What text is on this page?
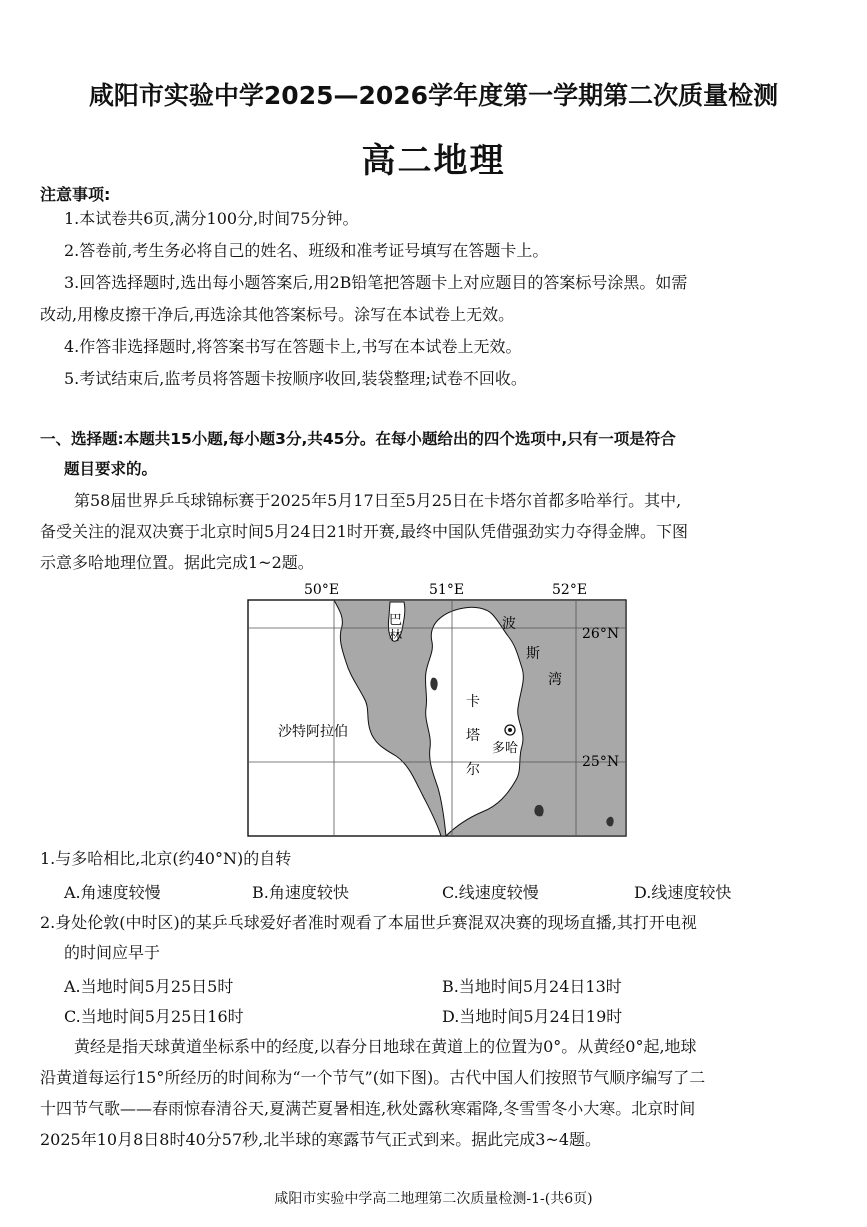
咸阳市实验中学2025—2026学年度第一学期第二次质量检测
高二地理
注意事项:
1.本试卷共6页,满分100分,时间75分钟。
2.答卷前,考生务必将自己的姓名、班级和准考证号填写在答题卡上。
3.回答选择题时,选出每小题答案后,用2B铅笔把答题卡上对应题目的答案标号涂黑。如需
改动,用橡皮擦干净后,再选涂其他答案标号。涂写在本试卷上无效。
4.作答非选择题时,将答案书写在答题卡上,书写在本试卷上无效。
5.考试结束后,监考员将答题卡按顺序收回,装袋整理;试卷不回收。
一、选择题:本题共15小题,每小题3分,共45分。在每小题给出的四个选项中,只有一项是符合
题目要求的。
第58届世界乒乓球锦标赛于2025年5月17日至5月25日在卡塔尔首都多哈举行。其中,
备受关注的混双决赛于北京时间5月24日21时开赛,最终中国队凭借强劲实力夺得金牌。下图
示意多哈地理位置。据此完成1~2题。
50°E	51°E	52°E
26°N
25°N
巴
林
波
斯
湾
卡
塔
尔
沙特阿拉伯
多哈
1.与多哈相比,北京(约40°N)的自转
A.角速度较慢	B.角速度较快	C.线速度较慢	D.线速度较快
2.身处伦敦(中时区)的某乒乓球爱好者准时观看了本届世乒赛混双决赛的现场直播,其打开电视
的时间应早于
A.当地时间5月25日5时	B.当地时间5月24日13时
C.当地时间5月25日16时	D.当地时间5月24日19时
黄经是指天球黄道坐标系中的经度,以春分日地球在黄道上的位置为0°。从黄经0°起,地球
沿黄道每运行15°所经历的时间称为“一个节气”(如下图)。古代中国人们按照节气顺序编写了二
十四节气歌——春雨惊春清谷天,夏满芒夏暑相连,秋处露秋寒霜降,冬雪雪冬小大寒。北京时间
2025年10月8日8时40分57秒,北半球的寒露节气正式到来。据此完成3~4题。
咸阳市实验中学高二地理第二次质量检测-1-(共6页)
